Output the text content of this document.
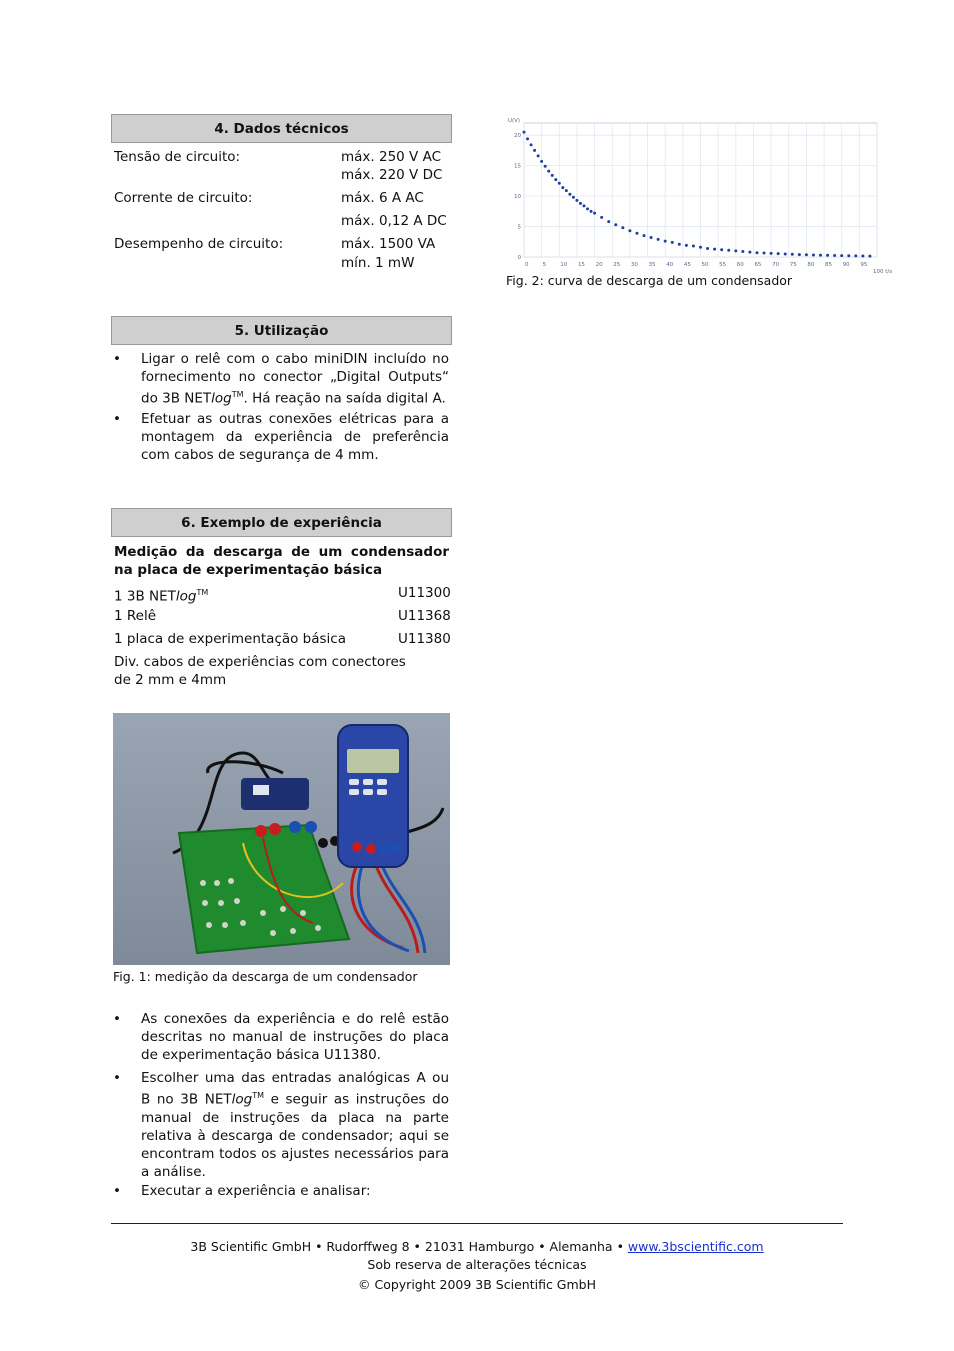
4. Dados técnicos
Tensão de circuito:	máx. 250 V AC
máx. 220 V DC
Corrente de circuito:	máx. 6 A AC
máx. 0,12 A DC
Desempenho de circuito:	máx. 1500 VA
mín. 1 mW
5. Utilização
• Ligar o relê com o cabo miniDIN incluído no fornecimento no conector „Digital Outputs“ do 3B NETlog™. Há reação na saída digital A.
• Efetuar as outras conexões elétricas para a montagem da experiência de preferência com cabos de segurança de 4 mm.
6. Exemplo de experiência
Medição da descarga de um condensador na placa de experimentação básica
1 3B NETlog™	U11300
1 Relê	U11368
1 placa de experimentação básica	U11380
Div. cabos de experiências com conectores de 2 mm e 4mm
Fig. 1: medição da descarga de um condensador
0	5	10 15 20 25 30 35 40 45 50 55 60 65 70 75 80 85 90 95
0
5
10
15
20
U(V)
100 t/s
Fig. 2: curva de descarga de um condensador
• As conexões da experiência e do relê estão descritas no manual de instruções do placa de experimentação básica U11380.
• Escolher uma das entradas analógicas A ou B no 3B NETlog™ e seguir as instruções do manual de instruções da placa na parte relativa à descarga de condensador; aqui se encontram todos os ajustes necessários para a análise.
• Executar a experiência e analisar:
3B Scientific GmbH • Rudorffweg 8 • 21031 Hamburgo • Alemanha • www.3bscientific.com
Sob reserva de alterações técnicas
© Copyright 2009 3B Scientific GmbH
